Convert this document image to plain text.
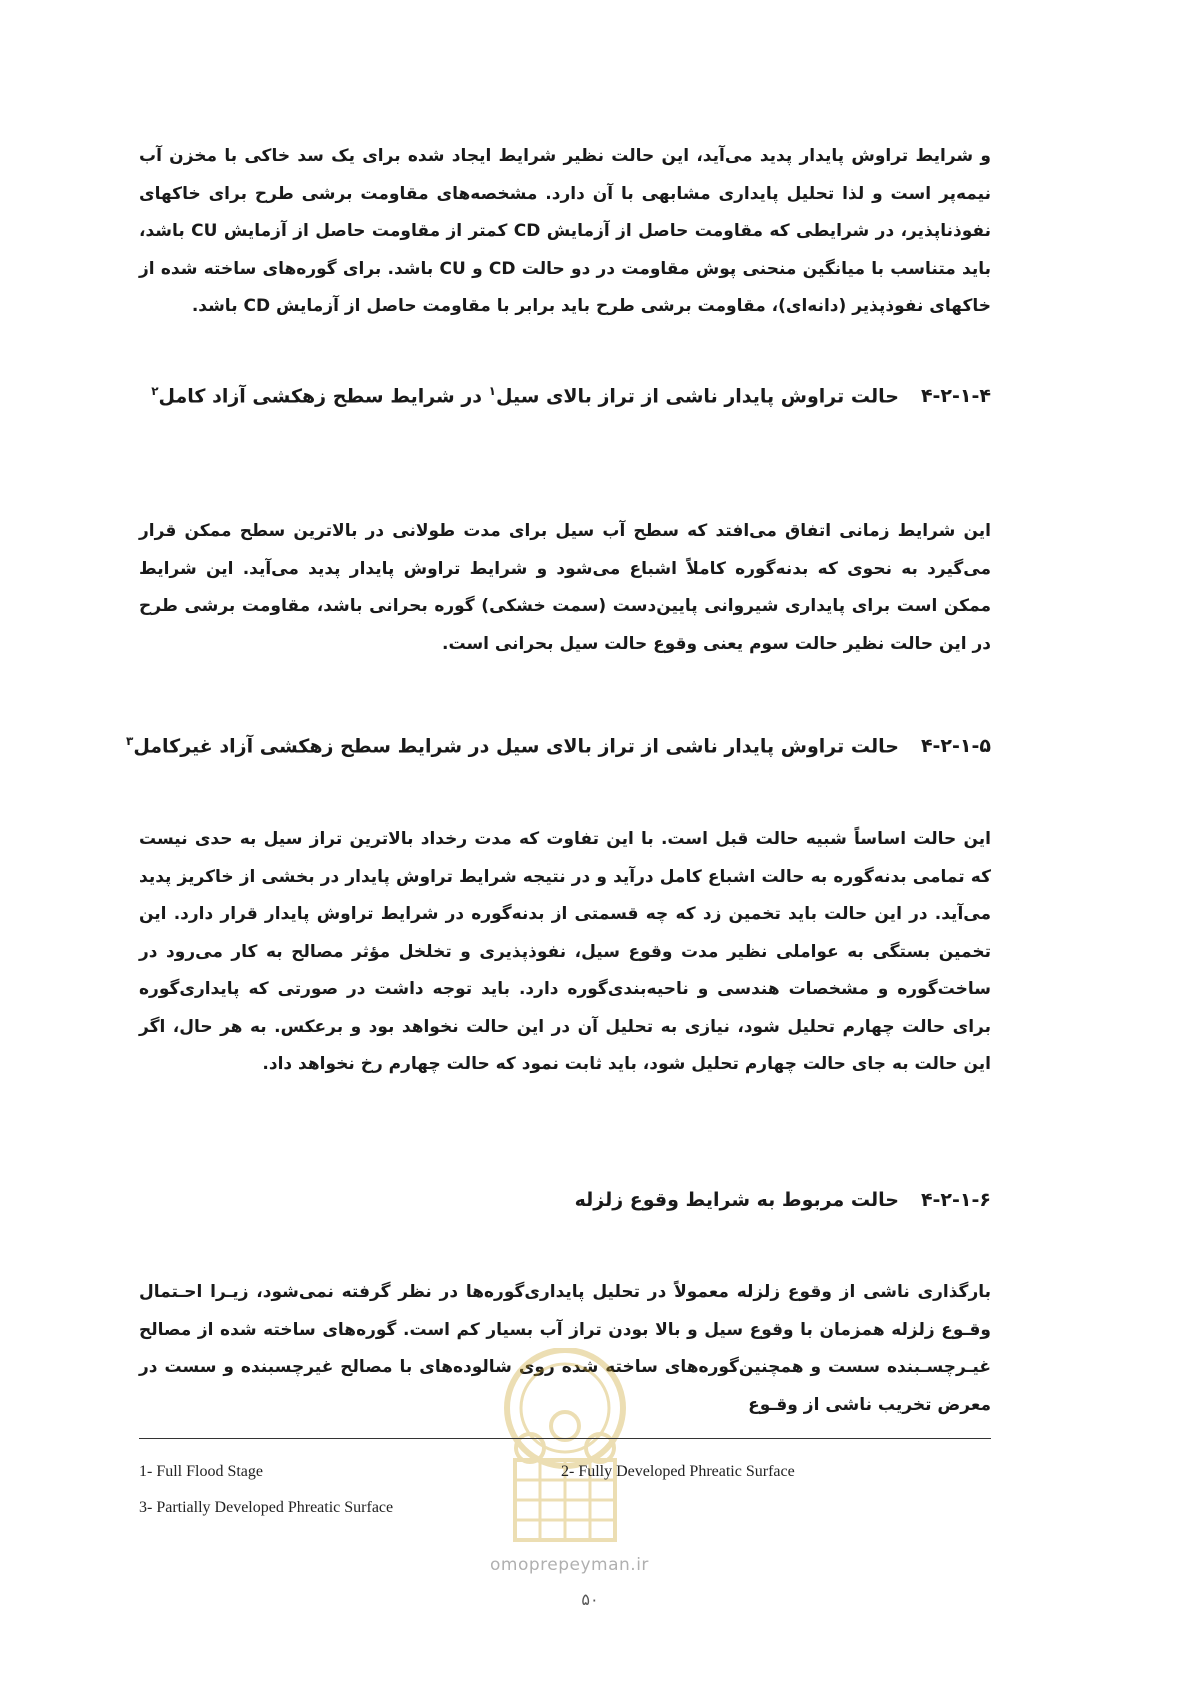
و شرایط تراوش پایدار پدید می‌آید، این حالت نظیر شرایط ایجاد شده برای یک سد خاکی با مخزن آب نیمه‌پر است و لذا تحلیل پایداری مشابهی با آن دارد. مشخصه‌های مقاومت برشی طرح برای خاکهای نفوذناپذیر، در شرایطی که مقاومت حاصل از آزمایش CD کمتر از مقاومت حاصل از آزمایش CU باشد، باید متناسب با میانگین منحنی پوش مقاومت در دو حالت CD و CU باشد. برای گوره‌های ساخته شده از خاکهای نفوذپذیر (دانه‌ای)، مقاومت برشی طرح باید برابر با مقاومت حاصل از آزمایش CD باشد.

۴-۲-۱-۴حالت تراوش پایدار ناشی از تراز بالای سیل$^۱$ در شرایط سطح زهکشی آزاد کامل$^۲$

این شرایط زمانی اتفاق می‌افتد که سطح آب سیل برای مدت طولانی در بالاترین سطح ممکن قرار می‌گیرد به نحوی که بدنه‌گوره کاملاً اشباع می‌شود و شرایط تراوش پایدار پدید می‌آید. این شرایط ممکن است برای پایداری شیروانی پایین‌دست (سمت خشکی) گوره بحرانی باشد، مقاومت برشی طرح در این حالت نظیر حالت سوم یعنی وقوع حالت سیل بحرانی است.

۴-۲-۱-۵حالت تراوش پایدار ناشی از تراز بالای سیل در شرایط سطح زهکشی آزاد غیرکامل$^۳$

این حالت اساساً شبیه حالت قبل است. با این تفاوت که مدت رخداد بالاترین تراز سیل به حدی نیست که تمامی بدنه‌گوره به حالت اشباع کامل درآید و در نتیجه شرایط تراوش پایدار در بخشی از خاکریز پدید می‌آید. در این حالت باید تخمین زد که چه قسمتی از بدنه‌گوره در شرایط تراوش پایدار قرار دارد. این تخمین بستگی به عواملی نظیر مدت وقوع سیل، نفوذپذیری و تخلخل مؤثر مصالح به کار می‌رود در ساخت‌گوره و مشخصات هندسی و ناحیه‌بندی‌گوره دارد. باید توجه داشت در صورتی که پایداری‌گوره برای حالت چهارم تحلیل شود، نیازی به تحلیل آن در این حالت نخواهد بود و برعکس. به هر حال، اگر این حالت به جای حالت چهارم تحلیل شود، باید ثابت نمود که حالت چهارم رخ نخواهد داد.

۴-۲-۱-۶حالت مربوط به شرایط وقوع زلزله

بارگذاری ناشی از وقوع زلزله معمولاً در تحلیل پایداری‌گوره‌ها در نظر گرفته نمی‌شود، زیـرا احـتمال وقـوع زلزله همزمان با وقوع سیل و بالا بودن تراز آب بسیار کم است. گوره‌های ساخته شده از مصالح غیـرچسـبنده سست و همچنین‌گوره‌های ساخته شده روی شالوده‌های با مصالح غیرچسبنده و سست در معرض تخریب ناشی از وقـوع

1- Full Flood Stage	2- Fully Developed Phreatic Surface
3- Partially Developed Phreatic Surface
omoprepeyman.ir
۵۰
